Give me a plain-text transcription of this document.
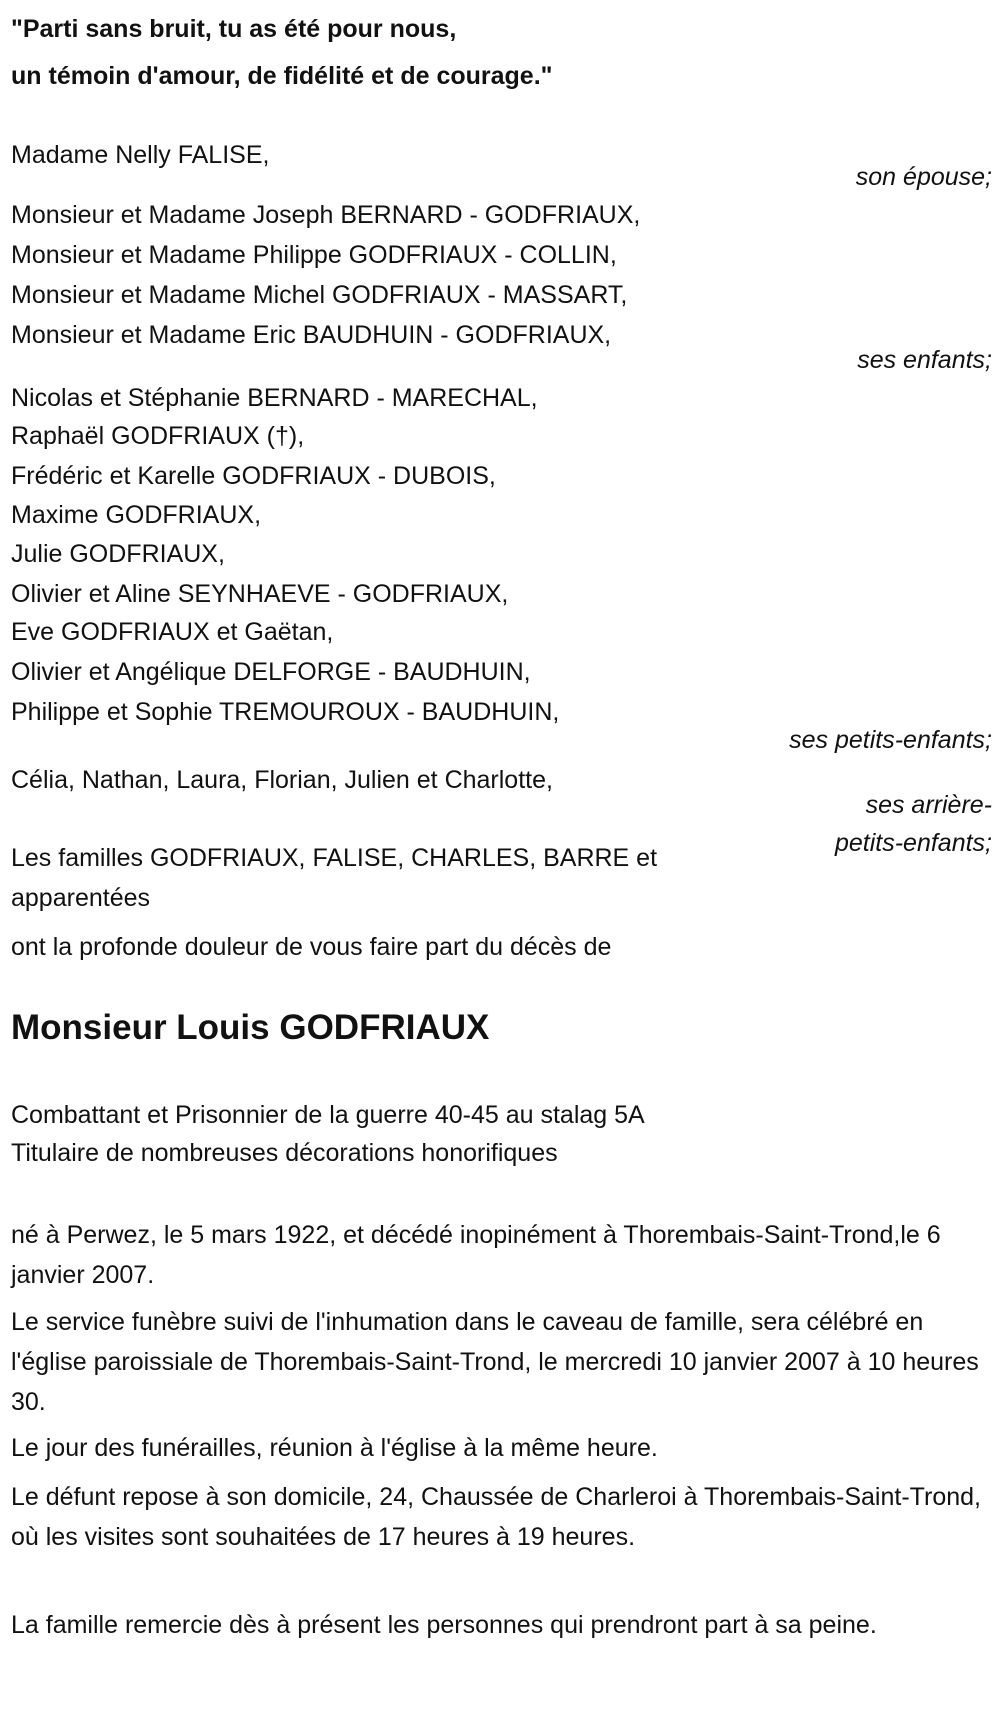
"Parti sans bruit, tu as été pour nous,
un témoin d'amour, de fidélité et de courage."
Madame Nelly FALISE,
son épouse;
Monsieur et Madame Joseph BERNARD - GODFRIAUX,
Monsieur et Madame Philippe GODFRIAUX - COLLIN,
Monsieur et Madame Michel GODFRIAUX - MASSART,
Monsieur et Madame Eric BAUDHUIN - GODFRIAUX,
ses enfants;
Nicolas et Stéphanie BERNARD - MARECHAL,
Raphaël GODFRIAUX (†),
Frédéric et Karelle GODFRIAUX - DUBOIS,
Maxime GODFRIAUX,
Julie GODFRIAUX,
Olivier et Aline SEYNHAEVE - GODFRIAUX,
Eve GODFRIAUX et Gaëtan,
Olivier et Angélique DELFORGE - BAUDHUIN,
Philippe et Sophie TREMOUROUX - BAUDHUIN,
ses petits-enfants;
Célia, Nathan, Laura, Florian, Julien et Charlotte,
ses arrière-petits-enfants;
Les familles GODFRIAUX, FALISE, CHARLES, BARRE et apparentées
ont la profonde douleur de vous faire part du décès de
Monsieur Louis GODFRIAUX
Combattant et Prisonnier de la guerre 40-45 au stalag 5A
Titulaire de nombreuses décorations honorifiques
né à Perwez, le 5 mars 1922, et décédé inopinément à Thorembais-Saint-Trond,le 6 janvier 2007.
Le service funèbre suivi de l'inhumation dans le caveau de famille, sera célébré en l'église paroissiale de Thorembais-Saint-Trond, le mercredi 10 janvier 2007 à 10 heures 30.
Le jour des funérailles, réunion à l'église à la même heure.
Le défunt repose à son domicile, 24, Chaussée de Charleroi à Thorembais-Saint-Trond, où les visites sont souhaitées de 17 heures à 19 heures.
La famille remercie dès à présent les personnes qui prendront part à sa peine.
